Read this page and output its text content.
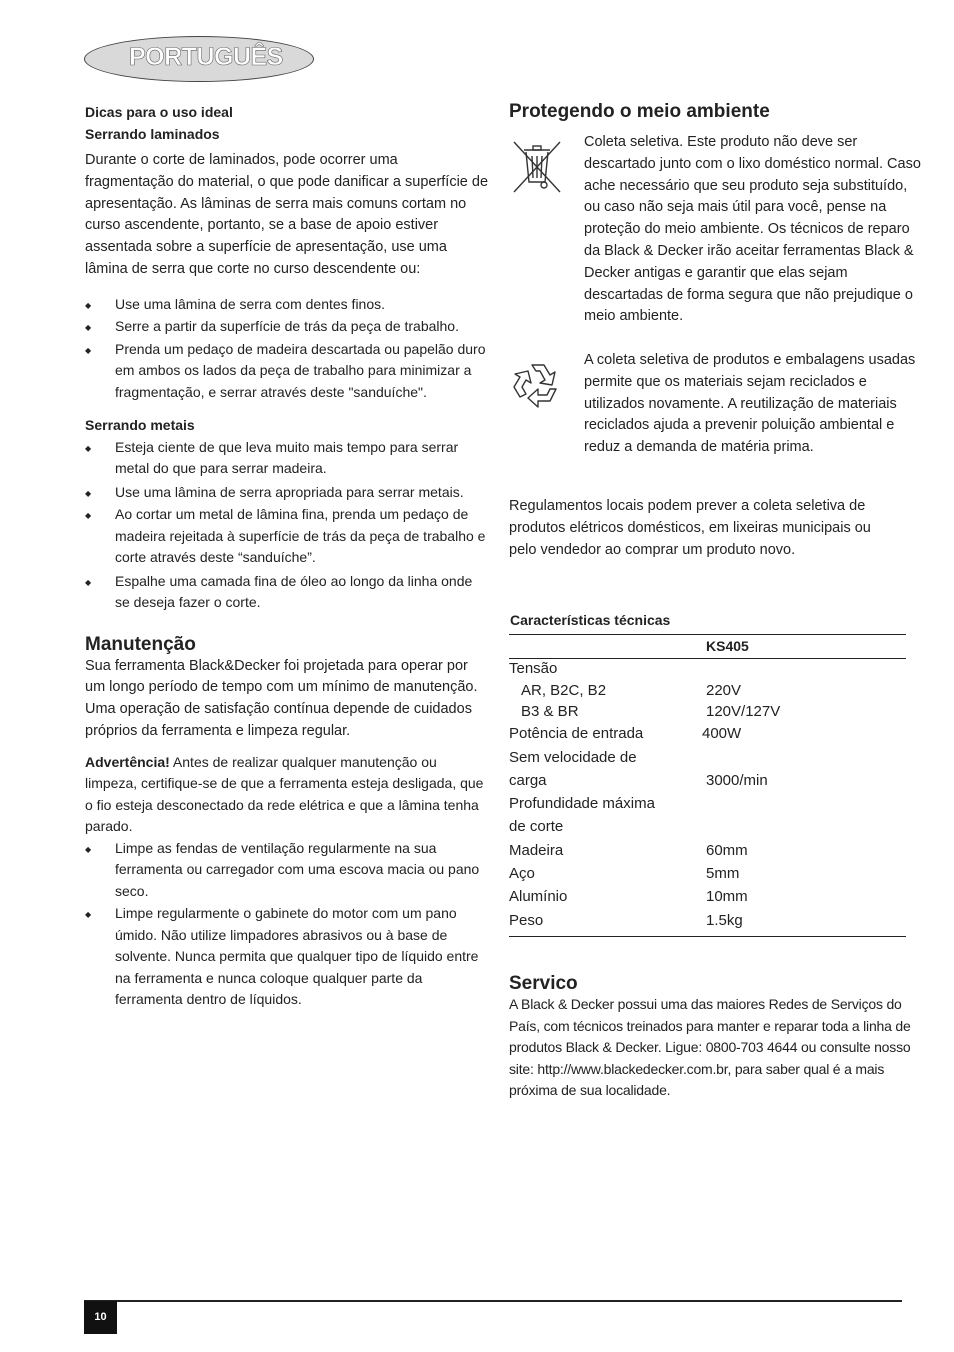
PORTUGUÊS
Dicas para o uso ideal
Serrando laminados

Durante o corte de laminados, pode ocorrer uma fragmentação do material, o que pode danificar a superfície de apresentação. As lâminas de serra mais comuns cortam no curso ascendente, portanto, se a base de apoio estiver assentada sobre a superfície de apresentação, use uma lâmina de serra que corte no curso descendente ou:

◆ Use uma lâmina de serra com dentes finos.
◆ Serre a partir da superfície de trás da peça de trabalho.
◆ Prenda um pedaço de madeira descartada ou papelão duro em ambos os lados da peça de trabalho para minimizar a fragmentação, e serrar através deste "sanduíche".
Serrando metais
◆ Esteja ciente de que leva muito mais tempo para serrar metal do que para serrar madeira.
◆ Use uma lâmina de serra apropriada para serrar metais.
◆ Ao cortar um metal de lâmina fina, prenda um pedaço de madeira rejeitada à superfície de trás da peça de trabalho e corte através deste “sanduíche”.
◆ Espalhe uma camada fina de óleo ao longo da linha onde se deseja fazer o corte.
Manutenção

Sua ferramenta Black&Decker foi projetada para operar por um longo período de tempo com um mínimo de manutenção. Uma operação de satisfação contínua depende de cuidados próprios da ferramenta e limpeza regular.

Advertência! Antes de realizar qualquer manutenção ou limpeza, certifique-se de que a ferramenta esteja desligada, que o fio esteja desconectado da rede elétrica e que a lâmina tenha parado.

◆ Limpe as fendas de ventilação regularmente na sua ferramenta ou carregador com uma escova macia ou pano seco.
◆ Limpe regularmente o gabinete do motor com um pano úmido. Não utilize limpadores abrasivos ou à base de solvente. Nunca permita que qualquer tipo de líquido entre na ferramenta e nunca coloque qualquer parte da ferramenta dentro de líquidos.
Protegendo o meio ambiente

Coleta seletiva. Este produto não deve ser descartado junto com o lixo doméstico normal. Caso ache necessário que seu produto seja substituído, ou caso não seja mais útil para você, pense na proteção do meio ambiente. Os técnicos de reparo da Black & Decker irão aceitar ferramentas Black & Decker antigas e garantir que elas sejam descartadas de forma segura que não prejudique o meio ambiente.

A coleta seletiva de produtos e embalagens usadas permite que os materiais sejam reciclados e utilizados novamente. A reutilização de materiais reciclados ajuda a prevenir poluição ambiental e reduz a demanda de matéria prima.

Regulamentos locais podem prever a coleta seletiva de produtos elétricos domésticos, em lixeiras municipais ou pelo vendedor ao comprar um produto novo.

Características técnicas
KS405
Tensão	
AR, B2C, B2	220V
B3 & BR	120V/127V
Potência de entrada	400W
Sem velocidade de	
carga	3000/min
Profundidade máxima	
de corte	
Madeira	60mm
Aço	5mm
Alumínio	10mm
Peso	1.5kg
Servico

A Black & Decker possui uma das maiores Redes de Serviços do País, com técnicos treinados para manter e reparar toda a linha de produtos Black & Decker. Ligue: 0800-703 4644 ou consulte nosso site: http://www.blackedecker.com.br, para saber qual é a mais próxima de sua localidade.

10
